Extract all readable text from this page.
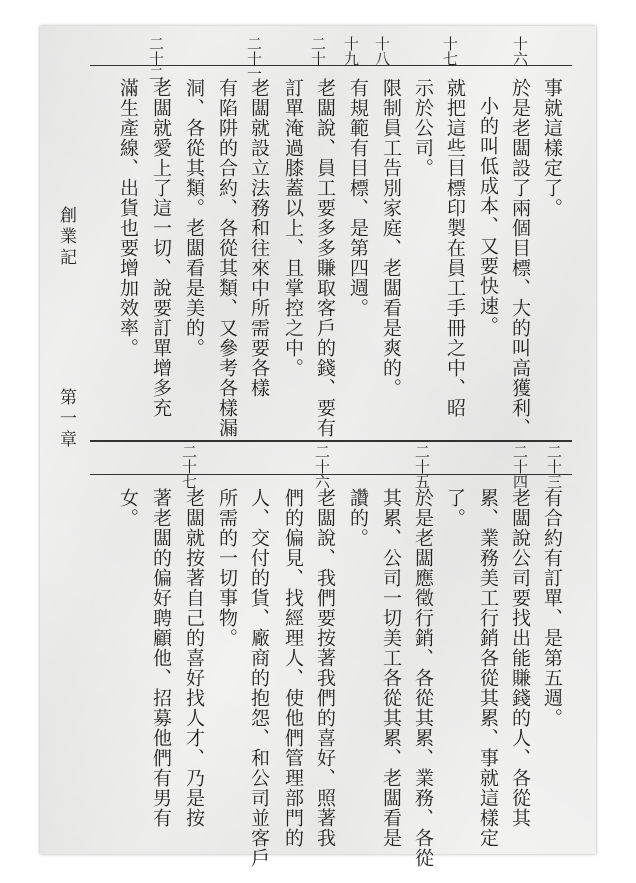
創業記
第一章
十六
十七
十八
十九
二十
二十一
二十二
事就這樣定了。
於是老闆設了兩個目標、大的叫高獲利、
小的叫低成本、又要快速。
就把這些目標印製在員工手冊之中、昭
示於公司。
限制員工告別家庭、老闆看是爽的。
有規範有目標、是第四週。
老闆說、員工要多多賺取客戶的錢、要有
訂單淹過膝蓋以上、且掌控之中。
老闆就設立法務和往來中所需要各樣
有陷阱的合約、各從其類、又參考各樣漏
洞、各從其類。老闆看是美的。
老闆就愛上了這一切、說要訂單增多充
滿生產線、出貨也要增加效率。
二十三
二十四
二十五
二十六
二十七
有合約有訂單、是第五週。
老闆說公司要找出能賺錢的人、各從其
累、業務美工行銷各從其累、事就這樣定
了。
於是老闆應徵行銷、各從其累、業務、各從
其累、公司一切美工各從其累、老闆看是
讚的。
老闆說、我們要按著我們的喜好、照著我
們的偏見、找經理人、使他們管理部門的
人、交付的貨、廠商的抱怨、和公司並客戶
所需的一切事物。
老闆就按著自己的喜好找人才、乃是按
著老闆的偏好聘顧他、招募他們有男有
女。
